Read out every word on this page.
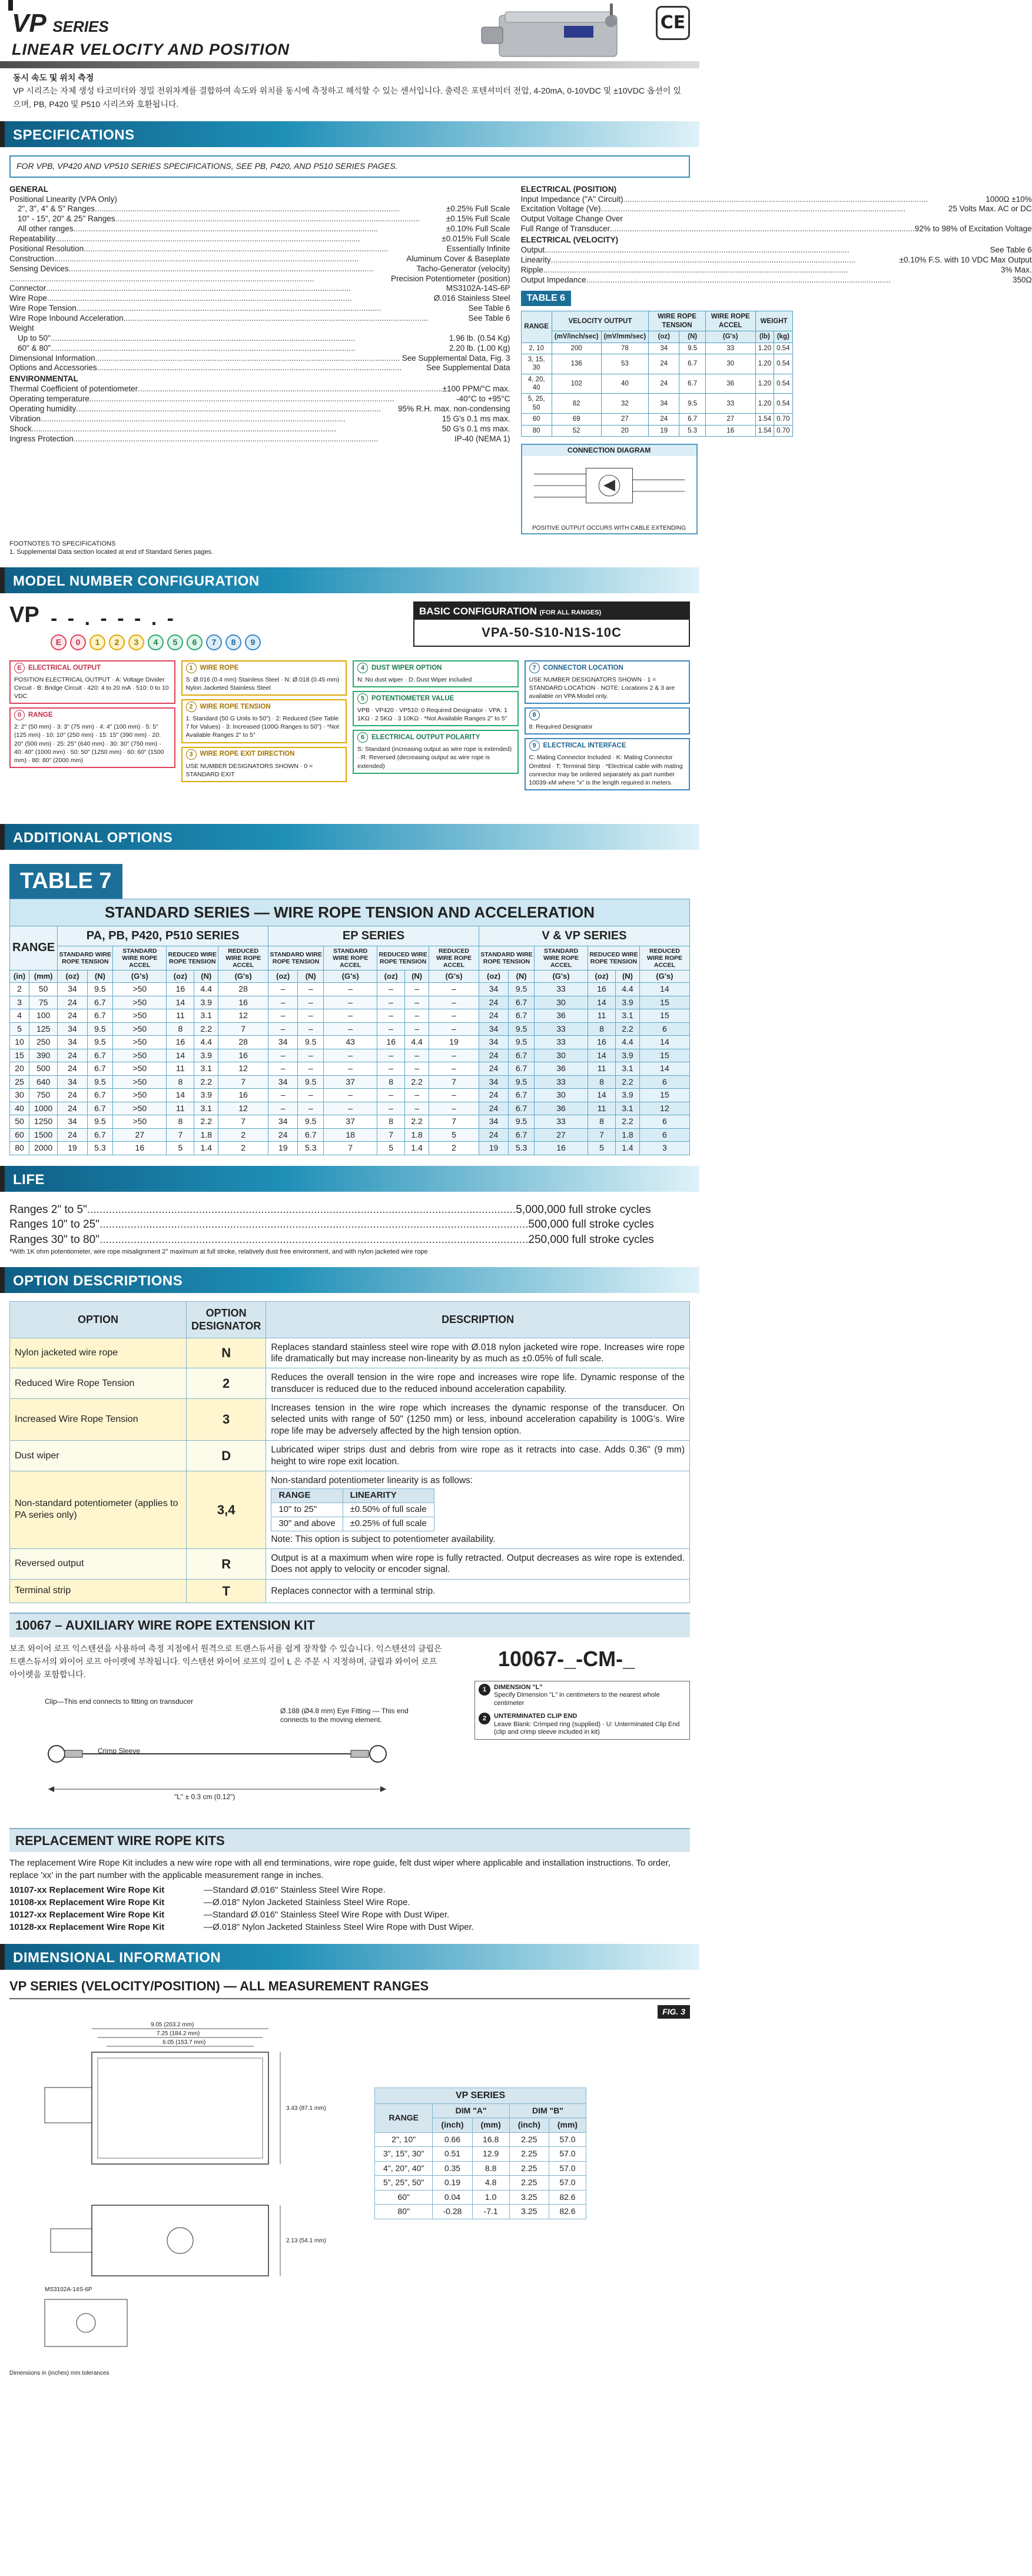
VP SERIES
LINEAR VELOCITY AND POSITION
CE
동시 속도 및 위치 측정
VP 시리즈는 자체 생성 타코미터와 정밀 전위차계를 결합하여 속도와 위치를 동시에 측정하고 해석할 수 있는 센서입니다. 출력은 포텐셔미터 전압, 4-20mA, 0-10VDC 및 ±10VDC 옵션이 있으며, PB, P420 및 P510 시리즈와 호환됩니다.
SPECIFICATIONS
FOR VPB, VP420 AND VP510 SERIES SPECIFICATIONS, SEE PB, P420, AND P510 SERIES PAGES.
GENERAL
Positional Linearity (VPA Only)
2", 3", 4" & 5" Ranges .....	±0.25% Full Scale
10" - 15", 20" & 25" Ranges .....	±0.15% Full Scale
All other ranges .....	±0.10% Full Scale
Repeatability .....	±0.015% Full Scale
Positional Resolution .....	Essentially Infinite
Construction .....	Aluminum Cover & Baseplate
Sensing Devices .....	Tacho-Generator (velocity)
.....
Precision Potentiometer (position)
Connector .....	MS3102A-14S-6P
Wire Rope .....	Ø.016 Stainless Steel
Wire Rope Tension .....	See Table 6
Wire Rope Inbound Acceleration .....	See Table 6
Weight
Up to 50" .....	1.96 lb. (0.54 Kg)
60" & 80" .....	2.20 lb. (1.00 Kg)
Dimensional Information .....	See Supplemental Data, Fig. 3
Options and Accessories .....	See Supplemental Data
ENVIRONMENTAL
Thermal Coefficient of potentiometer .....	±100 PPM/°C max.
Operating temperature .....	-40°C to +95°C
Operating humidity .....	95% R.H. max. non-condensing
Vibration .....	15 G's 0.1 ms max.
Shock .....	50 G's 0.1 ms max.
Ingress Protection .....	IP-40 (NEMA 1)
ELECTRICAL (POSITION)
Input Impedance ("A" Circuit) .....	1000Ω ±10%
Excitation Voltage (Ve) .....	25 Volts Max. AC or DC
Output Voltage Change Over
Full Range of Transducer .....	92% to 98% of Excitation Voltage
ELECTRICAL (VELOCITY)
Output .....	See Table 6
Linearity .....	±0.10% F.S. with 10 VDC Max Output
Ripple .....	3% Max.
Output Impedance .....	350Ω
TABLE 6
RANGE	VELOCITY OUTPUT		WIRE ROPE TENSION		WIRE ROPE ACCEL	WEIGHT	
	(mV/inch/sec)	(mV/mm/sec)	(oz)	(N)	(G's)	(lb)	(kg)
2, 10	200	78	34	9.5	33	1.20	0.54
3, 15, 30	136	53	24	6.7	30	1.20	0.54
4, 20, 40	102	40	24	6.7	36	1.20	0.54
5, 25, 50	82	32	34	9.5	33	1.20	0.54
60	69	27	24	6.7	27	1.54	0.70
80	52	20	19	5.3	16	1.54	0.70
CONNECTION DIAGRAM
POSITIVE OUTPUT OCCURS WITH CABLE EXTENDING
FOOTNOTES TO SPECIFICATIONS
1. Supplemental Data section located at end of Standard Series pages.
MODEL NUMBER CONFIGURATION
VP - - . - - - . -
E	0	1	2	3	4	5	6	7	8	9
BASIC CONFIGURATION (FOR ALL RANGES)
VPA-50-S10-N1S-10C
E ELECTRICAL OUTPUT
POSITION ELECTRICAL OUTPUT · A: Voltage Divider Circuit · B: Bridge Circuit · 420: 4 to 20 mA · 510: 0 to 10 VDC
0	RANGE
2: 2" (50 mm) · 3: 3" (75 mm) · 4: 4" (100 mm) · 5: 5" (125 mm) · 10: 10" (250 mm) · 15: 15" (390 mm) · 20: 20" (500 mm) · 25: 25" (640 mm) · 30: 30" (750 mm) · 40: 40" (1000 mm) · 50: 50" (1250 mm) · 60: 60" (1500 mm) · 80: 80" (2000 mm)
1	WIRE ROPE
S: Ø.016 (0.4 mm) Stainless Steel · N: Ø.018 (0.45 mm) Nylon Jacketed Stainless Steel
2	WIRE ROPE TENSION
1: Standard (50 G Units to 50") · 2: Reduced (See Table 7 for Values) · 3: Increased (100G Ranges to 50") · *Not Available Ranges 2" to 5"
3	WIRE ROPE EXIT DIRECTION
USE NUMBER DESIGNATORS SHOWN · 0 = STANDARD EXIT
4	DUST WIPER OPTION
N: No dust wiper · D: Dust Wiper included
5	POTENTIOMETER VALUE
VPB · VP420 · VP510: 0 Required Designator · VPA: 1 1KΩ · 2 5KΩ · 3 10KΩ · *Not Available Ranges 2" to 5"
6	ELECTRICAL OUTPUT POLARITY
S: Standard (increasing output as wire rope is extended) · R: Reversed (decreasing output as wire rope is extended)
7	CONNECTOR LOCATION
USE NUMBER DESIGNATORS SHOWN · 1 = STANDARD LOCATION · NOTE: Locations 2 & 3 are available on VPA Model only.
8
8: Required Designator
9	ELECTRICAL INTERFACE
C: Mating Connector Included · K: Mating Connector Omitted · T: Terminal Strip · *Electrical cable with mating connector may be ordered separately as part number 10039-xM where "x" is the length required in meters.
ADDITIONAL OPTIONS
TABLE 7
STANDARD SERIES — WIRE ROPE TENSION AND ACCELERATION																			
RANGE		PA, PB, P420, P510 SERIES						EP SERIES						V & VP SERIES					
		STANDARD WIRE ROPE TENSION		STANDARD WIRE ROPE ACCEL	REDUCED WIRE ROPE TENSION		REDUCED WIRE ROPE ACCEL	STANDARD WIRE ROPE TENSION		STANDARD WIRE ROPE ACCEL	REDUCED WIRE ROPE TENSION		REDUCED WIRE ROPE ACCEL	STANDARD WIRE ROPE TENSION		STANDARD WIRE ROPE ACCEL	REDUCED WIRE ROPE TENSION		REDUCED WIRE ROPE ACCEL
(in)	(mm)	(oz)	(N)	(G's)	(oz)	(N)	(G's)	(oz)	(N)	(G's)	(oz)	(N)	(G's)	(oz)	(N)	(G's)	(oz)	(N)	(G's)
2	50	34	9.5	>50	16	4.4	28	–	–	–	–	–	–	34	9.5	33	16	4.4	14
3	75	24	6.7	>50	14	3.9	16	–	–	–	–	–	–	24	6.7	30	14	3.9	15
4	100	24	6.7	>50	11	3.1	12	–	–	–	–	–	–	24	6.7	36	11	3.1	15
5	125	34	9.5	>50	8	2.2	7	–	–	–	–	–	–	34	9.5	33	8	2.2	6
10	250	34	9.5	>50	16	4.4	28	34	9.5	43	16	4.4	19	34	9.5	33	16	4.4	14
15	390	24	6.7	>50	14	3.9	16	–	–	–	–	–	–	24	6.7	30	14	3.9	15
20	500	24	6.7	>50	11	3.1	12	–	–	–	–	–	–	24	6.7	36	11	3.1	14
25	640	34	9.5	>50	8	2.2	7	34	9.5	37	8	2.2	7	34	9.5	33	8	2.2	6
30	750	24	6.7	>50	14	3.9	16	–	–	–	–	–	–	24	6.7	30	14	3.9	15
40	1000	24	6.7	>50	11	3.1	12	–	–	–	–	–	–	24	6.7	36	11	3.1	12
50	1250	34	9.5	>50	8	2.2	7	34	9.5	37	8	2.2	7	34	9.5	33	8	2.2	6
60	1500	24	6.7	27	7	1.8	2	24	6.7	18	7	1.8	5	24	6.7	27	7	1.8	6
80	2000	19	5.3	16	5	1.4	2	19	5.3	7	5	1.4	2	19	5.3	16	5	1.4	3
LIFE
Ranges 2" to 5" .....	5,000,000 full stroke cycles
Ranges 10" to 25" .....	500,000 full stroke cycles
Ranges 30" to 80" .....	250,000 full stroke cycles
*With 1K ohm potentiometer, wire rope misalignment 2° maximum at full stroke, relatively dust free environment, and with nylon jacketed wire rope
OPTION DESCRIPTIONS
OPTION	OPTION DESIGNATOR	DESCRIPTION
Nylon jacketed wire rope	N	Replaces standard stainless steel wire rope with Ø.018 nylon jacketed wire rope. Increases wire rope life dramatically but may increase non-linearity by as much as ±0.05% of full scale.
Reduced Wire Rope Tension	2	Reduces the overall tension in the wire rope and increases wire rope life. Dynamic response of the transducer is reduced due to the reduced inbound acceleration capability.
Increased Wire Rope Tension	3	Increases tension in the wire rope which increases the dynamic response of the transducer. On selected units with range of 50" (1250 mm) or less, inbound acceleration capability is 100G's. Wire rope life may be adversely affected by the high tension option.
Dust wiper	D	Lubricated wiper strips dust and debris from wire rope as it retracts into case. Adds 0.36" (9 mm) height to wire rope exit location.
Non-standard potentiometer (applies to PA series only)	3,4	
Non-standard potentiometer linearity is as follows:
RANGE	LINEARITY
10" to 25"	±0.50% of full scale
30" and above	±0.25% of full scale
Note: This option is subject to potentiometer availability.

Reversed output	R	Output is at a maximum when wire rope is fully retracted. Output decreases as wire rope is extended. Does not apply to velocity or encoder signal.
Terminal strip	T	Replaces connector with a terminal strip.
10067 – AUXILIARY WIRE ROPE EXTENSION KIT
보조 와이어 로프 익스텐션을 사용하여 측정 지점에서 원격으로 트랜스듀서를 쉽게 장착할 수 있습니다. 익스텐션의 클립은 트랜스듀서의 와이어 로프 아이렛에 부착됩니다. 익스텐션 와이어 로프의 길이 L 은 주문 시 지정하며, 클립과 와이어 로프 아이렛을 포함합니다.
Clip—This end connects to fitting on transducer
Crimp Sleeve
Ø.188 (Ø4.8 mm) Eye Fitting — This end connects to the moving element.
"L" ± 0.3 cm (0.12")
10067-_-CM-_
1	DIMENSION "L"
Specify Dimension "L" in centimeters to the nearest whole centimeter
2	UNTERMINATED CLIP END
Leave Blank: Crimped ring (supplied) · U: Unterminated Clip End (clip and crimp sleeve included in kit)
REPLACEMENT WIRE ROPE KITS
The replacement Wire Rope Kit includes a new wire rope with all end terminations, wire rope guide, felt dust wiper where applicable and installation instructions. To order, replace 'xx' in the part number with the applicable measurement range in inches.
10107-xx Replacement Wire Rope Kit	—Standard Ø.016" Stainless Steel Wire Rope.
10108-xx Replacement Wire Rope Kit	—Ø.018" Nylon Jacketed Stainless Steel Wire Rope.
10127-xx Replacement Wire Rope Kit	—Standard Ø.016" Stainless Steel Wire Rope with Dust Wiper.
10128-xx Replacement Wire Rope Kit	—Ø.018" Nylon Jacketed Stainless Steel Wire Rope with Dust Wiper.
DIMENSIONAL INFORMATION
VP SERIES (VELOCITY/POSITION) — ALL MEASUREMENT RANGES
FIG. 3
9.05 (203.2 mm)
7.25 (184.2 mm)
6.05 (153.7 mm)
3.43 (87.1 mm)
2.13 (54.1 mm)
MS3102A-14S-6P
Dimensions in (inches) mm tolerances
VP SERIES				
RANGE	DIM "A"		DIM "B"	
	(inch)	(mm)	(inch)	(mm)
2", 10"	0.66	16.8	2.25	57.0
3", 15", 30"	0.51	12.9	2.25	57.0
4", 20", 40"	0.35	8.8	2.25	57.0
5", 25", 50"	0.19	4.8	2.25	57.0
60"	0.04	1.0	3.25	82.6
80"	-0.28	-7.1	3.25	82.6
